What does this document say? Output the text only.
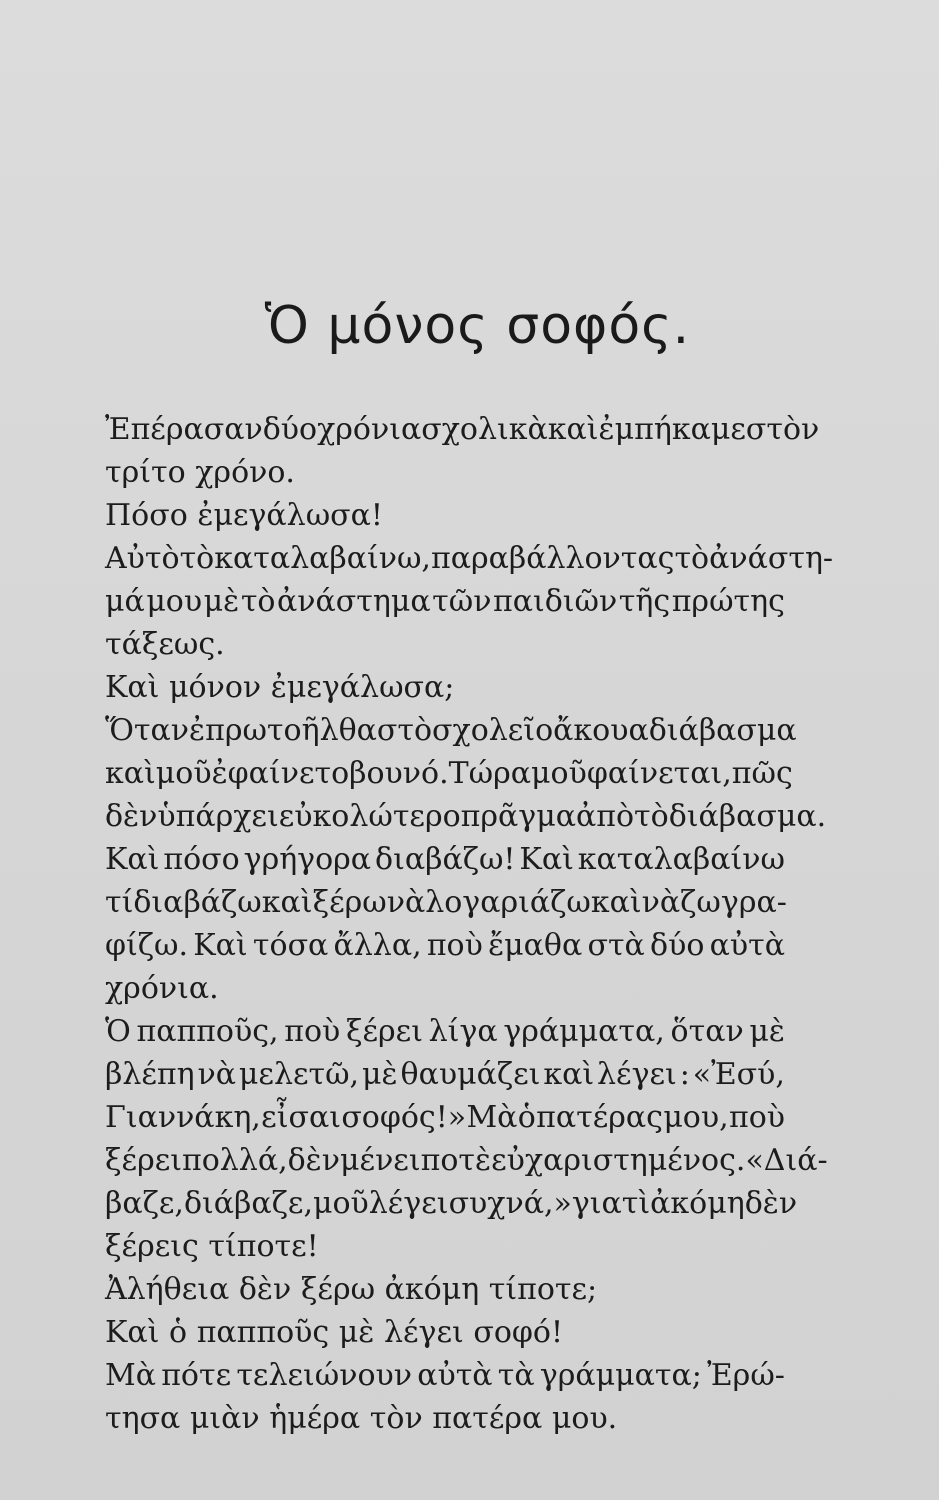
Ὁ μόνος σοφός.
Ἐπέρασαν δύο χρόνια σχολικὰ καὶ ἐμπήκαμε στὸν
τρίτο χρόνο.
Πόσο ἐμεγάλωσα!
Αὐτὸ τὸ καταλαβαίνω, παραβάλλοντας τὸ ἀνάστη-
μά μου μὲ τὸ ἀνάστημα τῶν παιδιῶν τῆς πρώτης
τάξεως.
Καὶ μόνον ἐμεγάλωσα;
Ὅταν ἐπρωτοῆλθα στὸ σχολεῖο ἄκουα διάβασμα
καὶ μοῦ ἐφαίνετο βουνό. Τώρα μοῦ φαίνεται, πῶς
δὲν ὑπάρχει εὐκολώτερο πρᾶγμα ἀπὸ τὸ διάβασμα.
Καὶ πόσο γρήγορα διαβάζω! Καὶ καταλαβαίνω
τί διαβάζω καὶ ξέρω νὰ λογαριάζω καὶ νὰ ζωγρα-
φίζω. Καὶ τόσα ἄλλα, ποὺ ἔμαθα στὰ δύο αὐτὰ
χρόνια.
Ὁ παπποῦς, ποὺ ξέρει λίγα γράμματα, ὅταν μὲ
βλέπη νὰ μελετῶ, μὲ θαυμάζει καὶ λέγει : «Ἐσύ,
Γιαννάκη, εἶσαι σοφός!» Μὰ ὁ πατέρας μου, ποὺ
ξέρει πολλά, δὲν μένει ποτὲ εὐχαριστημένος. «Διά-
βαζε, διάβαζε, μοῦ λέγει συχνά,» γιατὶ ἀκόμη δὲν
ξέρεις τίποτε!
Ἀλήθεια δὲν ξέρω ἀκόμη τίποτε;
Καὶ ὁ παπποῦς μὲ λέγει σοφό!
Μὰ πότε τελειώνουν αὐτὰ τὰ γράμματα; Ἐρώ-
τησα μιὰν ἡμέρα τὸν πατέρα μου.
